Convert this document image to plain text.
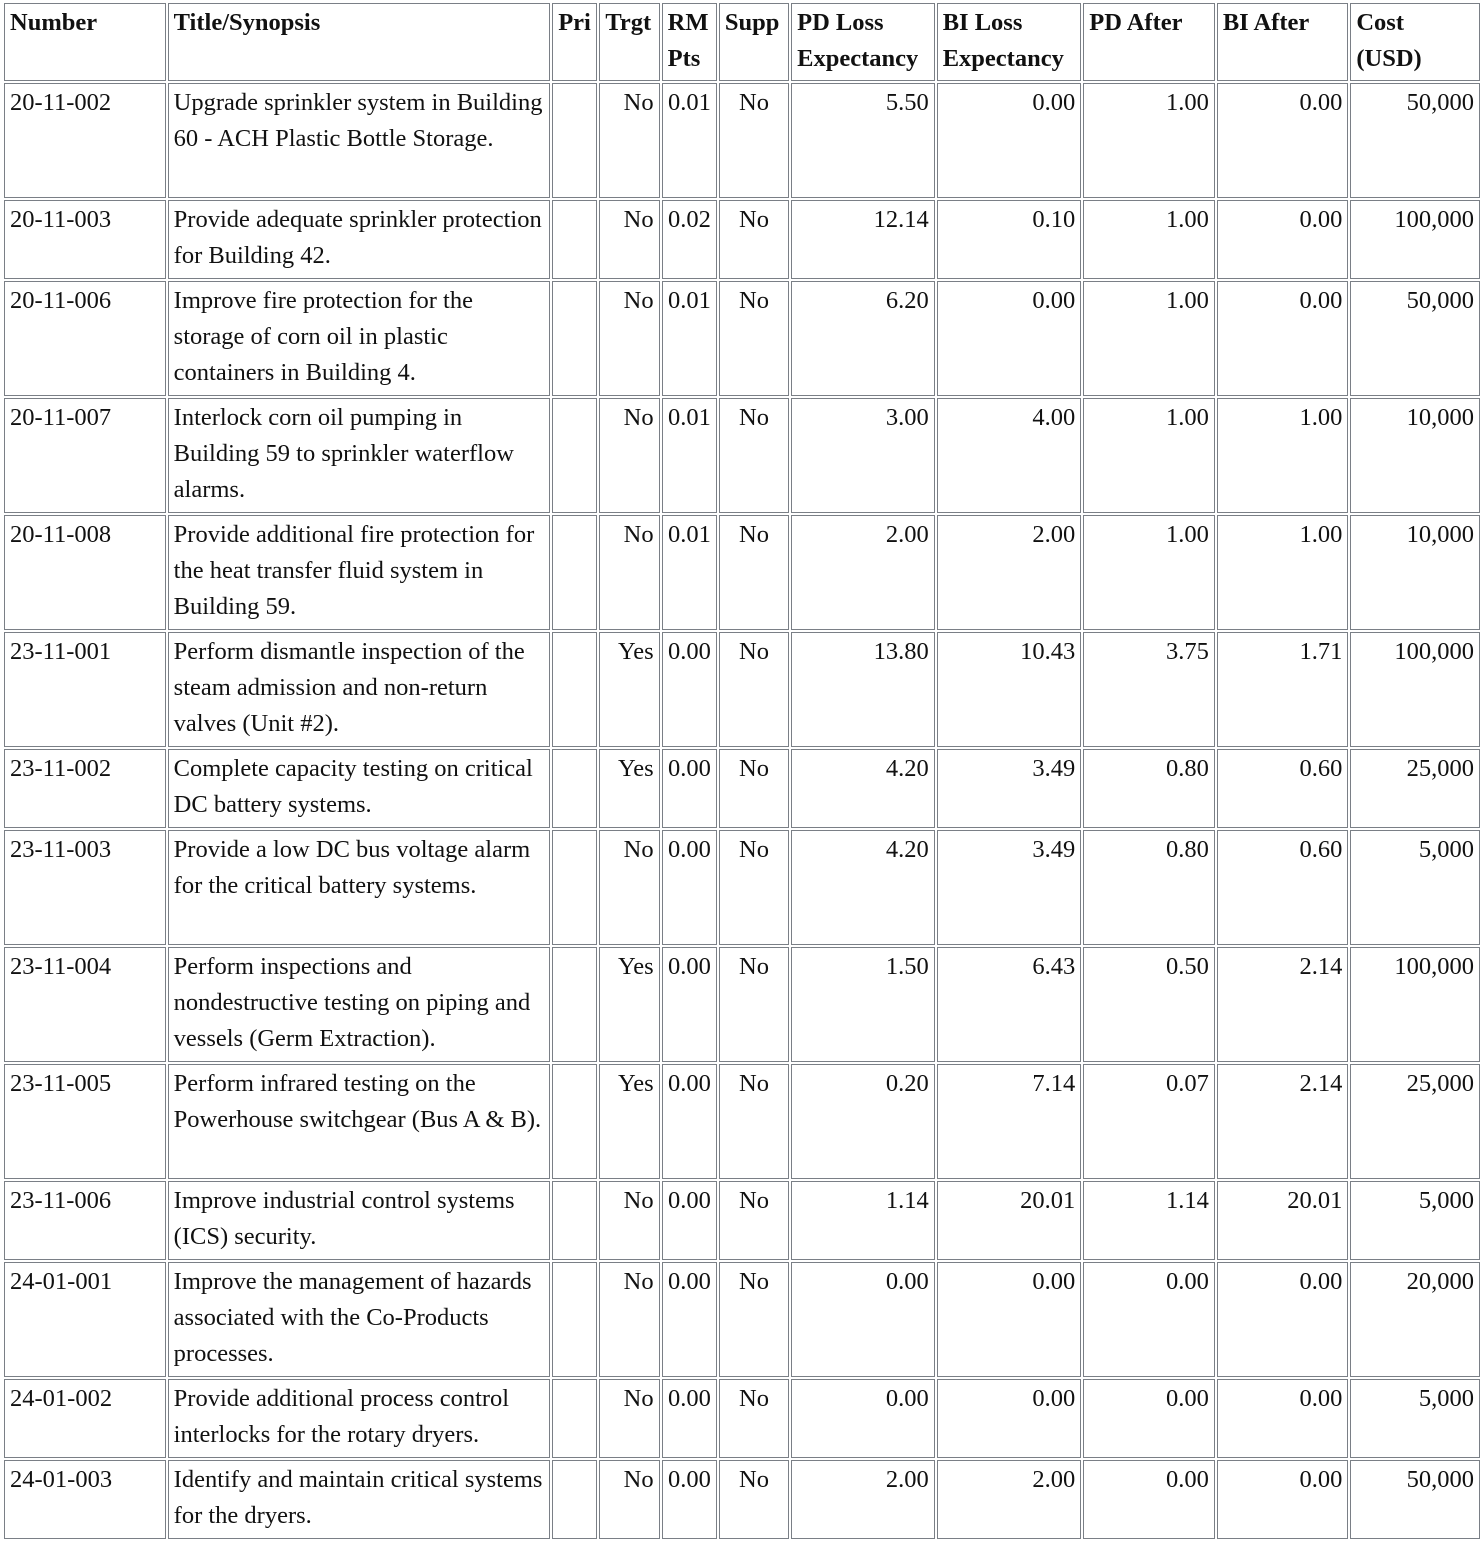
Number	Title/Synopsis	Pri	Trgt	RM Pts	Supp	PD Loss Expectancy	BI Loss Expectancy	PD After	BI After	Cost (USD)
20-11-002	Upgrade sprinkler system in Building 60 - ACH Plastic Bottle Storage.		No	0.01	No	5.50	0.00	1.00	0.00	50,000
20-11-003	Provide adequate sprinkler protection for Building 42.		No	0.02	No	12.14	0.10	1.00	0.00	100,000
20-11-006	Improve fire protection for the storage of corn oil in plastic containers in Building 4.		No	0.01	No	6.20	0.00	1.00	0.00	50,000
20-11-007	Interlock corn oil pumping in Building 59 to sprinkler waterflow alarms.		No	0.01	No	3.00	4.00	1.00	1.00	10,000
20-11-008	Provide additional fire protection for the heat transfer fluid system in Building 59.		No	0.01	No	2.00	2.00	1.00	1.00	10,000
23-11-001	Perform dismantle inspection of the steam admission and non-return valves (Unit #2).		Yes	0.00	No	13.80	10.43	3.75	1.71	100,000
23-11-002	Complete capacity testing on critical DC battery systems.		Yes	0.00	No	4.20	3.49	0.80	0.60	25,000
23-11-003	Provide a low DC bus voltage alarm for the critical battery systems.		No	0.00	No	4.20	3.49	0.80	0.60	5,000
23-11-004	Perform inspections and nondestructive testing on piping and vessels (Germ Extraction).		Yes	0.00	No	1.50	6.43	0.50	2.14	100,000
23-11-005	Perform infrared testing on the Powerhouse switchgear (Bus A & B).		Yes	0.00	No	0.20	7.14	0.07	2.14	25,000
23-11-006	Improve industrial control systems (ICS) security.		No	0.00	No	1.14	20.01	1.14	20.01	5,000
24-01-001	Improve the management of hazards associated with the Co-Products processes.		No	0.00	No	0.00	0.00	0.00	0.00	20,000
24-01-002	Provide additional process control interlocks for the rotary dryers.		No	0.00	No	0.00	0.00	0.00	0.00	5,000
24-01-003	Identify and maintain critical systems for the dryers.		No	0.00	No	2.00	2.00	0.00	0.00	50,000
